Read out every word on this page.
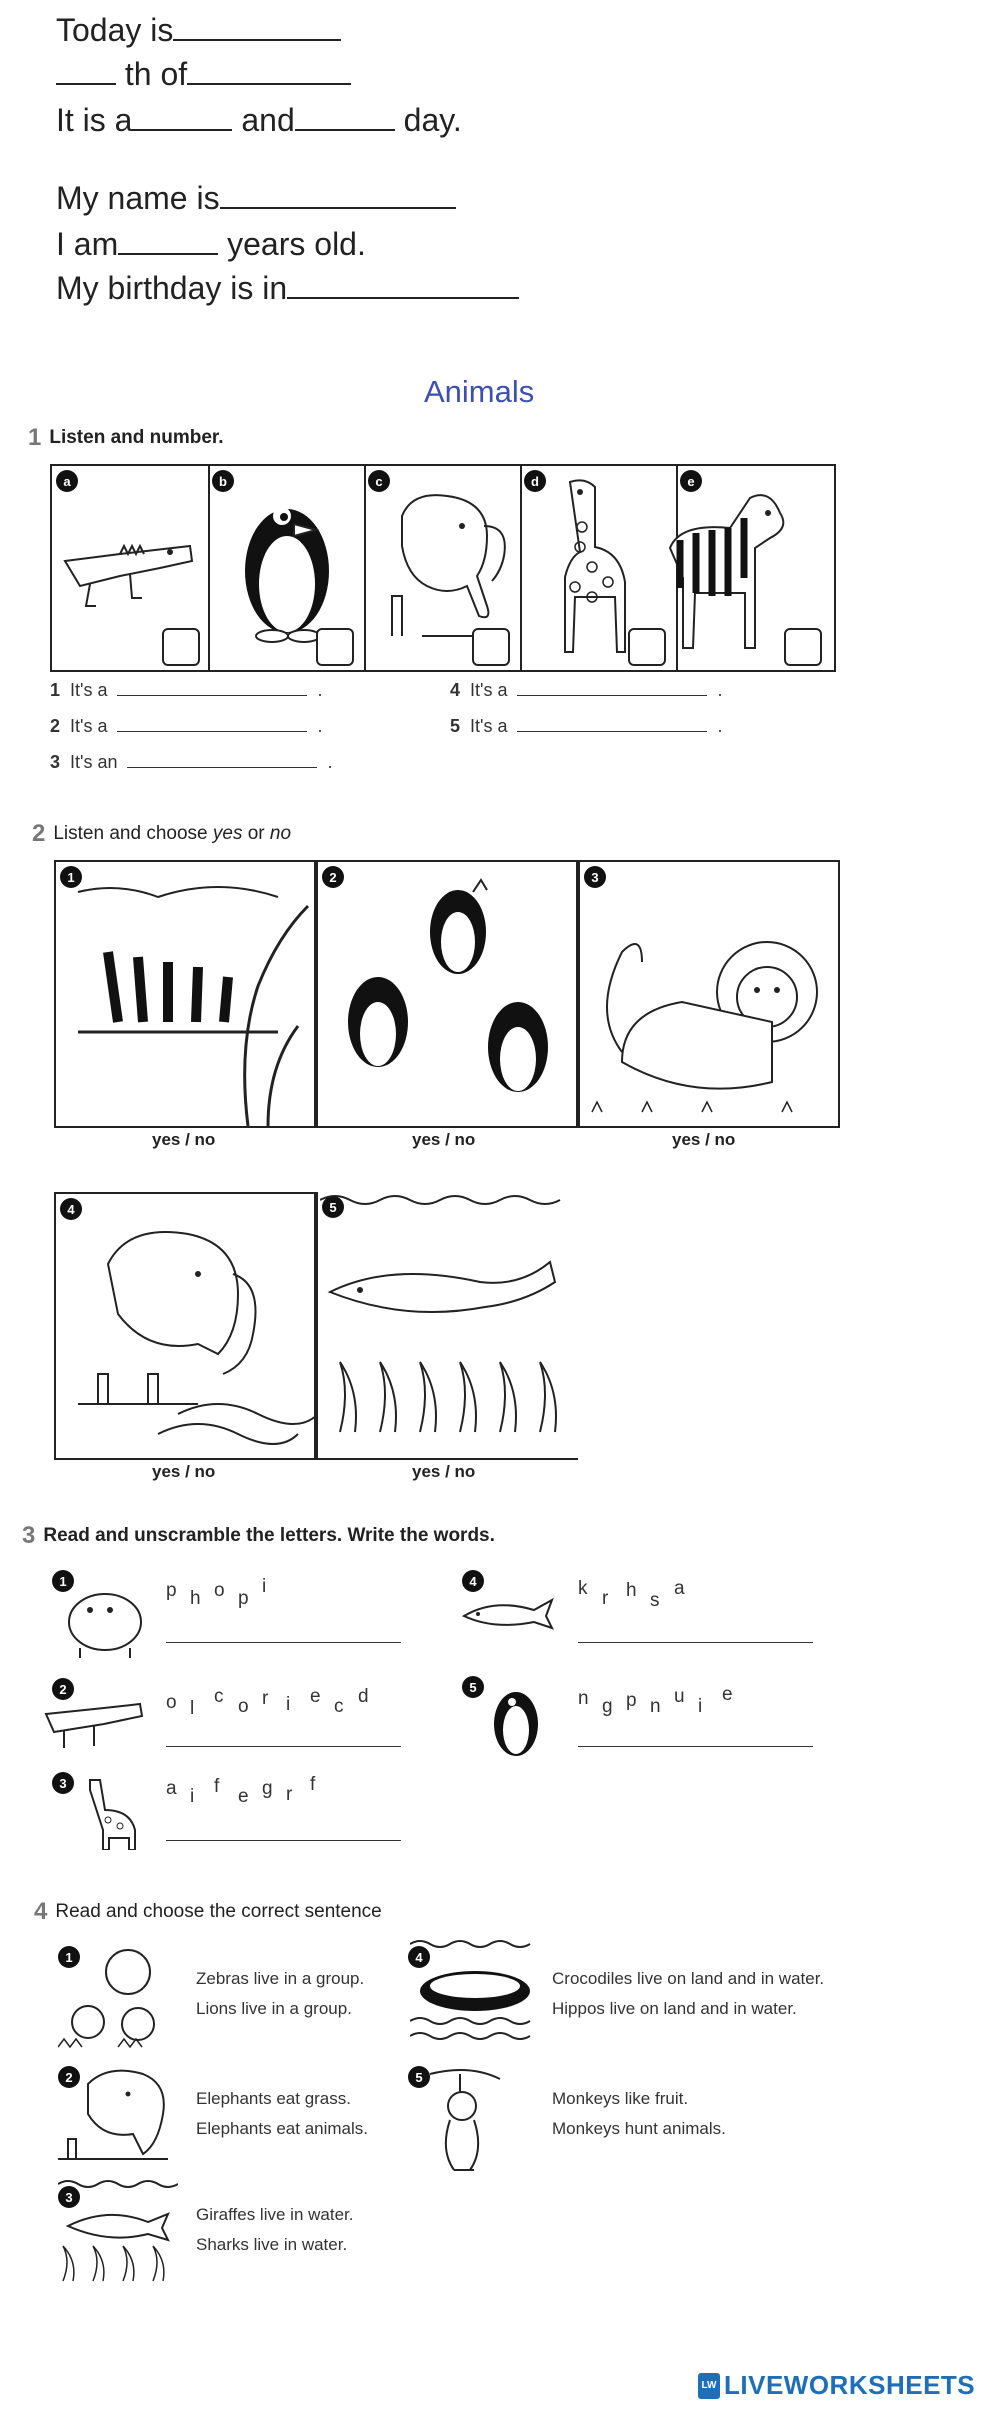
Today is
th of
It is a	and	day.
My name is
I am	years old.
My birthday is in
Animals
1 Listen and number.
a	b	c	d	e
1 It's a	.
2 It's a	.
3 It's an	.
4 It's a	.
5 It's a	.
2 Listen and choose yes or no
1	2	3
yes / no	yes / no	yes / no
4	5
yes / no	yes / no
3 Read and unscramble the letters. Write the words.
1	p h o p
i
2
o l
c o r i e c d
3	a i f e g r f
4	k r h s
a
5
n g p n u i
e
4 Read and choose the correct sentence
1
Zebras live in a group.
Lions live in a group.
2
Elephants eat grass.
Elephants eat animals.
3
Giraffes live in water.
Sharks live in water.
4
Crocodiles live on land and in water.
Hippos live on land and in water.
5
Monkeys like fruit.
Monkeys hunt animals.
LW LIVEWORKSHEETS
